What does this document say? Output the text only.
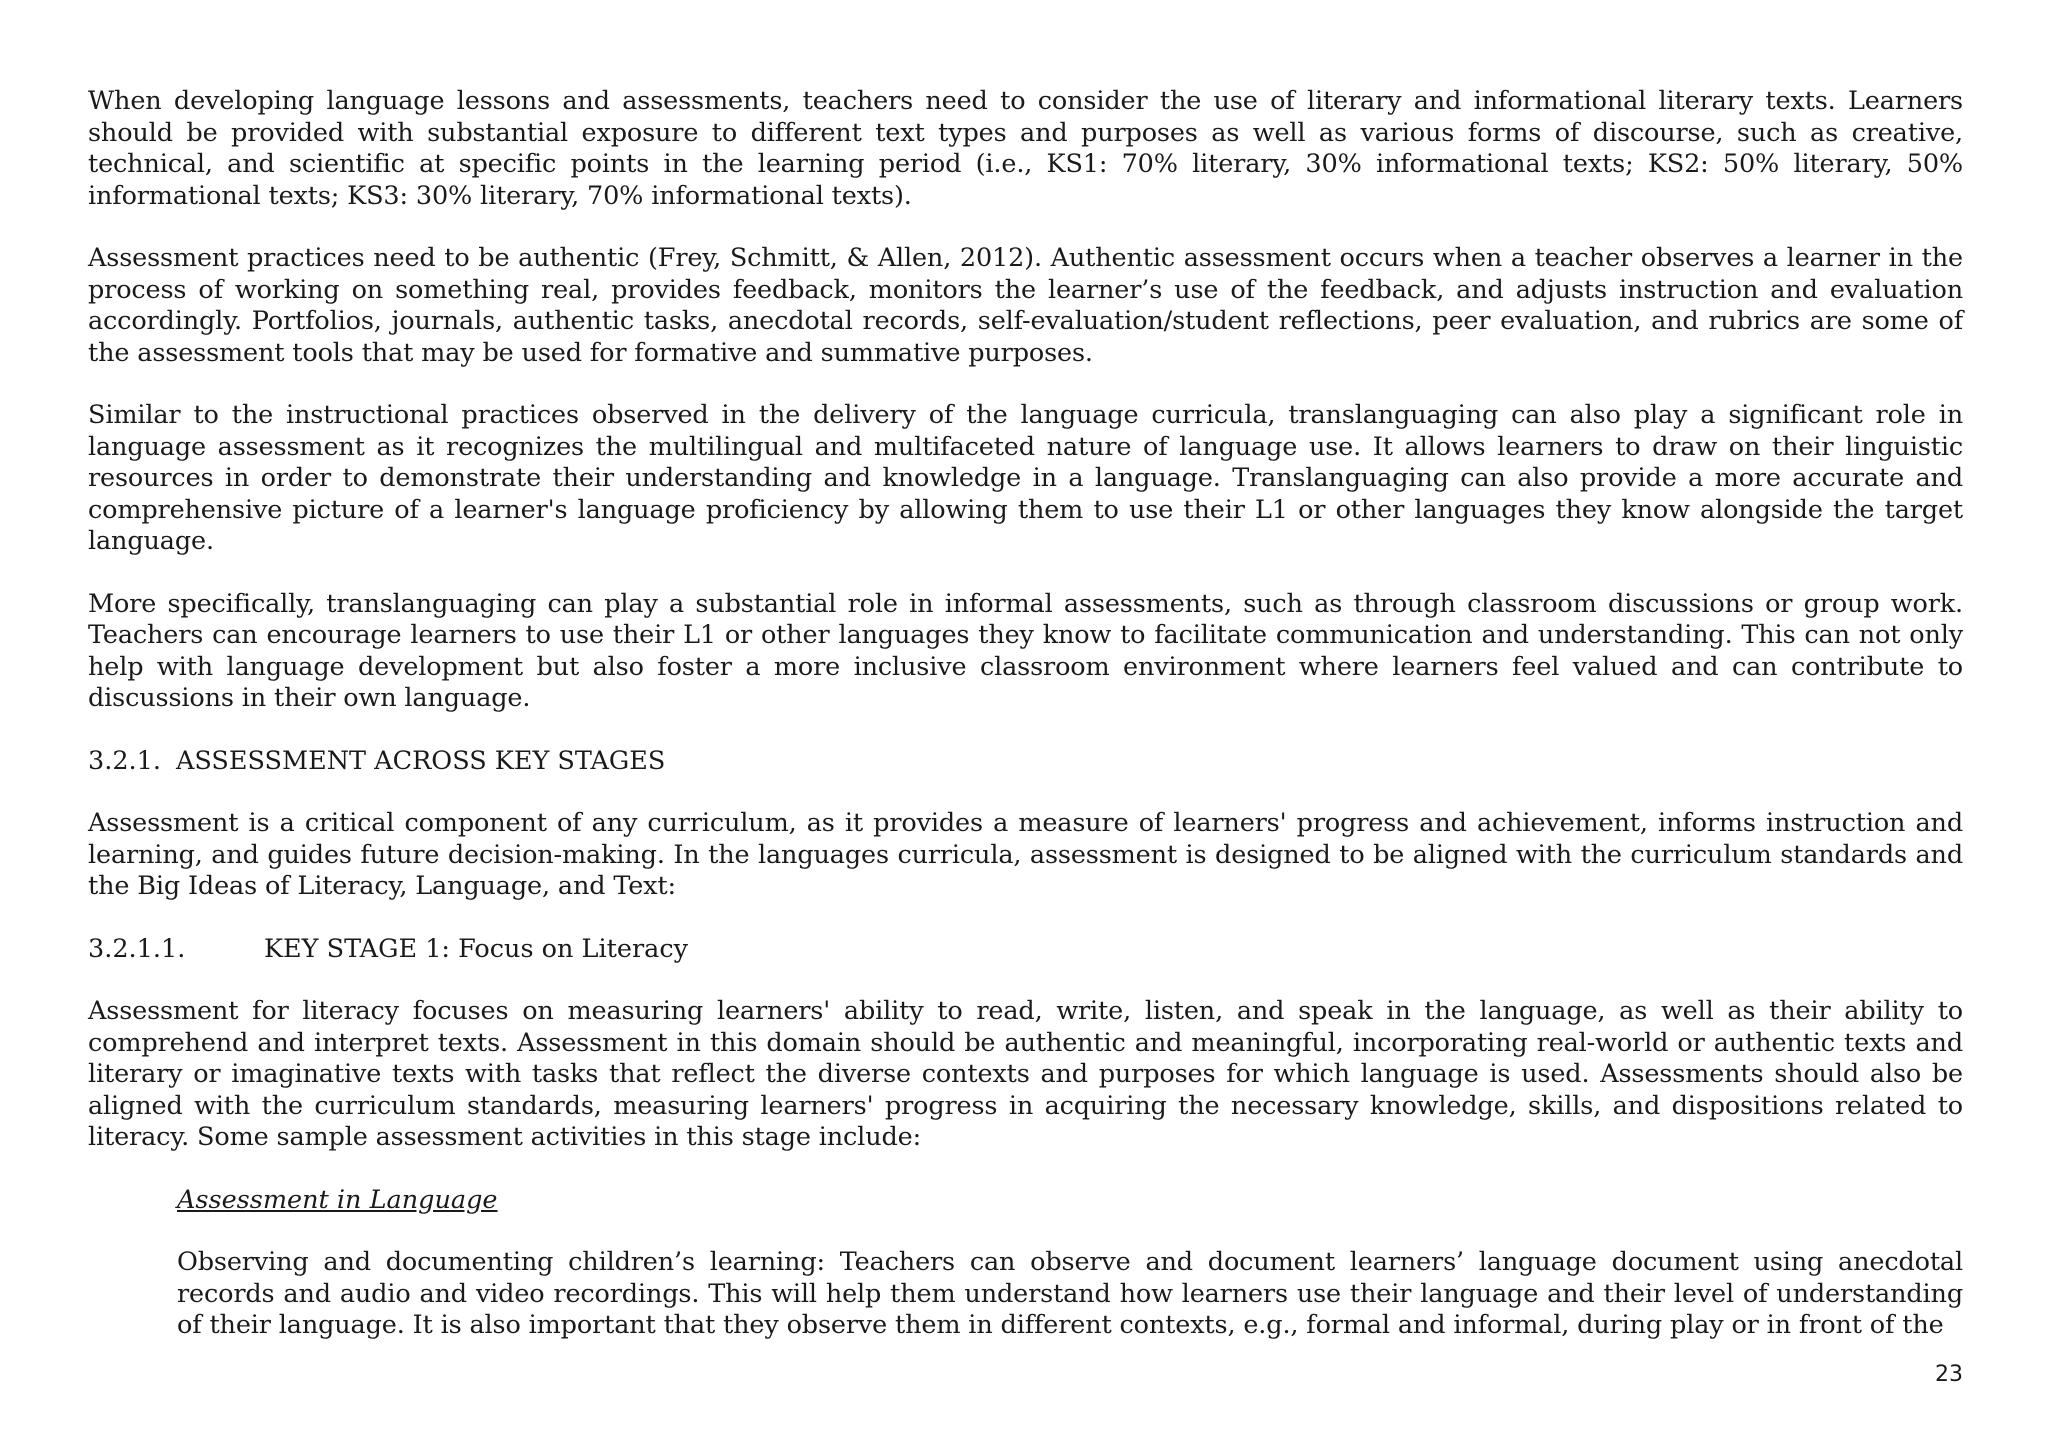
When developing language lessons and assessments, teachers need to consider the use of literary and informational literary texts. Learners should be provided with substantial exposure to different text types and purposes as well as various forms of discourse, such as creative, technical, and scientific at specific points in the learning period (i.e., KS1: 70% literary, 30% informational texts; KS2: 50% literary, 50% informational texts; KS3: 30% literary, 70% informational texts).

Assessment practices need to be authentic (Frey, Schmitt, & Allen, 2012). Authentic assessment occurs when a teacher observes a learner in the process of working on something real, provides feedback, monitors the learner’s use of the feedback, and adjusts instruction and evaluation accordingly. Portfolios, journals, authentic tasks, anecdotal records, self-evaluation/student reflections, peer evaluation, and rubrics are some of the assessment tools that may be used for formative and summative purposes.

Similar to the instructional practices observed in the delivery of the language curricula, translanguaging can also play a significant role in language assessment as it recognizes the multilingual and multifaceted nature of language use. It allows learners to draw on their linguistic resources in order to demonstrate their understanding and knowledge in a language. Translanguaging can also provide a more accurate and comprehensive picture of a learner's language proficiency by allowing them to use their L1 or other languages they know alongside the target language.

More specifically, translanguaging can play a substantial role in informal assessments, such as through classroom discussions or group work. Teachers can encourage learners to use their L1 or other languages they know to facilitate communication and understanding. This can not only help with language development but also foster a more inclusive classroom environment where learners feel valued and can contribute to discussions in their own language.

3.2.1. ASSESSMENT ACROSS KEY STAGES

Assessment is a critical component of any curriculum, as it provides a measure of learners' progress and achievement, informs instruction and learning, and guides future decision-making. In the languages curricula, assessment is designed to be aligned with the curriculum standards and the Big Ideas of Literacy, Language, and Text:

3.2.1.1.	KEY STAGE 1: Focus on Literacy

Assessment for literacy focuses on measuring learners' ability to read, write, listen, and speak in the language, as well as their ability to comprehend and interpret texts. Assessment in this domain should be authentic and meaningful, incorporating real-world or authentic texts and literary or imaginative texts with tasks that reflect the diverse contexts and purposes for which language is used. Assessments should also be aligned with the curriculum standards, measuring learners' progress in acquiring the necessary knowledge, skills, and dispositions related to literacy. Some sample assessment activities in this stage include:

Assessment in Language

Observing and documenting children’s learning: Teachers can observe and document learners’ language document using anecdotal records and audio and video recordings. This will help them understand how learners use their language and their level of understanding of their language. It is also important that they observe them in different contexts, e.g., formal and informal, during play or in front of the

23
